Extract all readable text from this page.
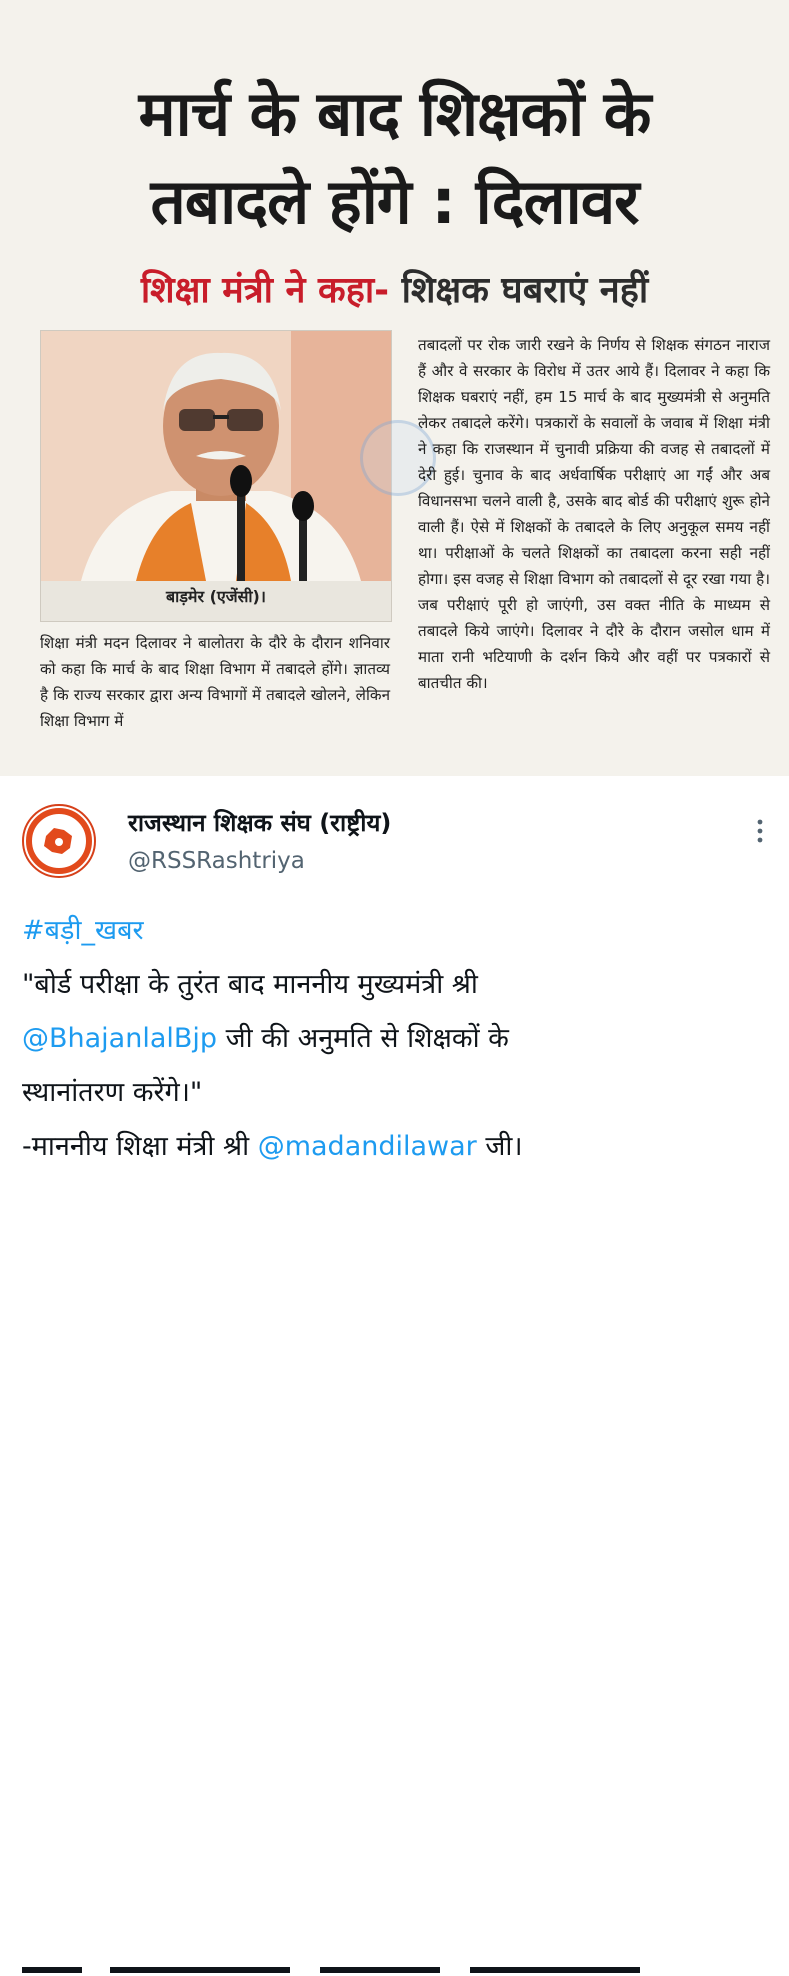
मार्च के बाद शिक्षकों के
तबादले होंगे : दिलावर
शिक्षा मंत्री ने कहा- शिक्षक घबराएं नहीं
बाड़मेर (एजेंसी)।
तबादलों पर रोक जारी रखने के निर्णय से शिक्षक संगठन नाराज हैं और वे सरकार के विरोध में उतर आये हैं। दिलावर ने कहा कि शिक्षक घबराएं नहीं, हम 15 मार्च के बाद मुख्यमंत्री से अनुमति लेकर तबादले करेंगे। पत्रकारों के सवालों के जवाब में शिक्षा मंत्री ने कहा कि राजस्थान में चुनावी प्रक्रिया की वजह से तबादलों में देरी हुई। चुनाव के बाद अर्धवार्षिक परीक्षाएं आ गईं और अब विधानसभा चलने वाली है, उसके बाद बोर्ड की परीक्षाएं शुरू होने वाली हैं। ऐसे में शिक्षकों के तबादले के लिए अनुकूल समय नहीं था। परीक्षाओं के चलते शिक्षकों का तबादला करना सही नहीं होगा। इस वजह से शिक्षा विभाग को तबादलों से दूर रखा गया है। जब परीक्षाएं पूरी हो जाएंगी, उस वक्त नीति के माध्यम से तबादले किये जाएंगे। दिलावर ने दौरे के दौरान जसोल धाम में माता रानी भटियाणी के दर्शन किये और वहीं पर पत्रकारों से बातचीत की।
शिक्षा मंत्री मदन दिलावर ने बालोतरा के दौरे के दौरान शनिवार को कहा कि मार्च के बाद शिक्षा विभाग में तबादले होंगे। ज्ञातव्य है कि राज्य सरकार द्वारा अन्य विभागों में तबादले खोलने, लेकिन शिक्षा विभाग में
राजस्थान शिक्षक संघ (राष्ट्रीय)
@RSSRashtriya
#बड़ी_खबर
"बोर्ड परीक्षा के तुरंत बाद माननीय मुख्यमंत्री श्री
@BhajanlalBjp जी की अनुमति से शिक्षकों के
स्थानांतरण करेंगे।"
-माननीय शिक्षा मंत्री श्री @madandilawar जी।
